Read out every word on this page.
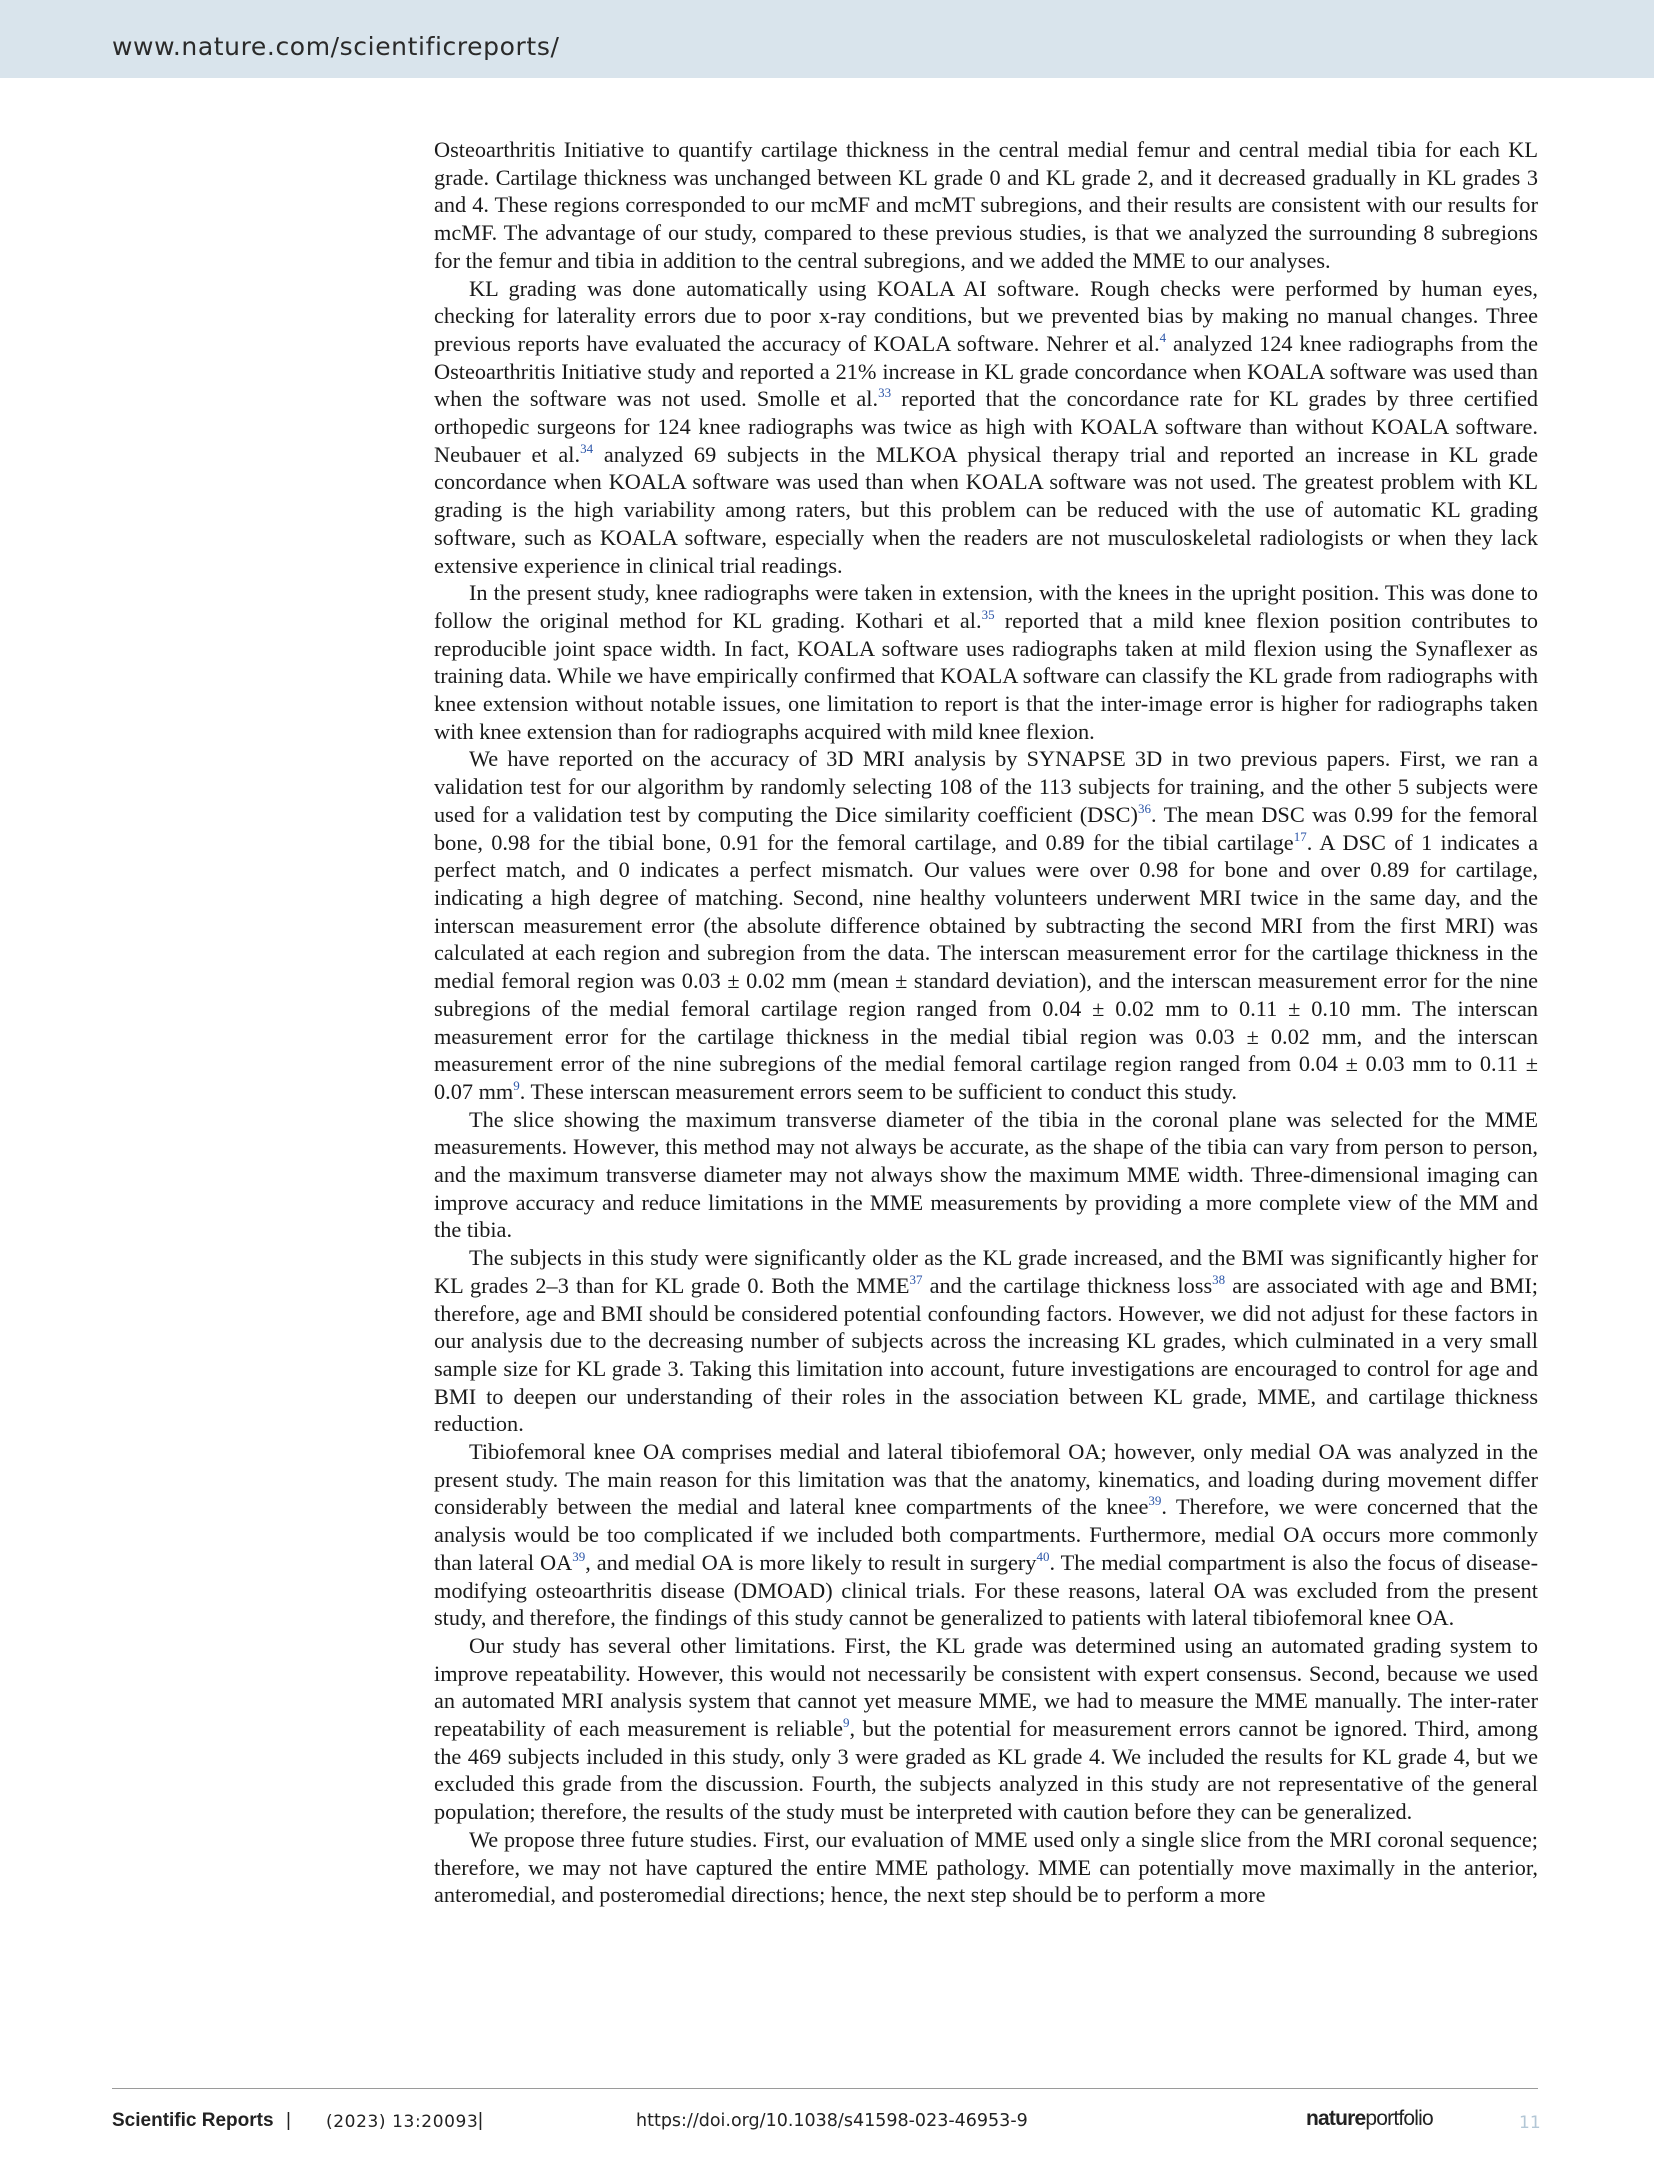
www.nature.com/scientificreports/

Osteoarthritis Initiative to quantify cartilage thickness in the central medial femur and central medial tibia for each KL grade. Cartilage thickness was unchanged between KL grade 0 and KL grade 2, and it decreased gradually in KL grades 3 and 4. These regions corresponded to our mcMF and mcMT subregions, and their results are consistent with our results for mcMF. The advantage of our study, compared to these previous studies, is that we analyzed the surrounding 8 subregions for the femur and tibia in addition to the central subregions, and we added the MME to our analyses.

KL grading was done automatically using KOALA AI software. Rough checks were performed by human eyes, checking for laterality errors due to poor x-ray conditions, but we prevented bias by making no manual changes. Three previous reports have evaluated the accuracy of KOALA software. Nehrer et al.$^4$ analyzed 124 knee radiographs from the Osteoarthritis Initiative study and reported a 21% increase in KL grade concordance when KOALA software was used than when the software was not used. Smolle et al.$^{33}$ reported that the concordance rate for KL grades by three certified orthopedic surgeons for 124 knee radiographs was twice as high with KOALA software than without KOALA software. Neubauer et al.$^{34}$ analyzed 69 subjects in the MLKOA physical therapy trial and reported an increase in KL grade concordance when KOALA software was used than when KOALA software was not used. The greatest problem with KL grading is the high variability among raters, but this problem can be reduced with the use of automatic KL grading software, such as KOALA software, especially when the readers are not musculoskeletal radiologists or when they lack extensive experience in clinical trial readings.

In the present study, knee radiographs were taken in extension, with the knees in the upright position. This was done to follow the original method for KL grading. Kothari et al.$^{35}$ reported that a mild knee flexion position contributes to reproducible joint space width. In fact, KOALA software uses radiographs taken at mild flexion using the Synaflexer as training data. While we have empirically confirmed that KOALA software can classify the KL grade from radiographs with knee extension without notable issues, one limitation to report is that the inter-image error is higher for radiographs taken with knee extension than for radiographs acquired with mild knee flexion.

We have reported on the accuracy of 3D MRI analysis by SYNAPSE 3D in two previous papers. First, we ran a validation test for our algorithm by randomly selecting 108 of the 113 subjects for training, and the other 5 subjects were used for a validation test by computing the Dice similarity coefficient (DSC)$^{36}$. The mean DSC was 0.99 for the femoral bone, 0.98 for the tibial bone, 0.91 for the femoral cartilage, and 0.89 for the tibial cartilage$^{17}$. A DSC of 1 indicates a perfect match, and 0 indicates a perfect mismatch. Our values were over 0.98 for bone and over 0.89 for cartilage, indicating a high degree of matching. Second, nine healthy volunteers underwent MRI twice in the same day, and the interscan measurement error (the absolute difference obtained by subtracting the second MRI from the first MRI) was calculated at each region and subregion from the data. The interscan measurement error for the cartilage thickness in the medial femoral region was 0.03 ± 0.02 mm (mean ± standard deviation), and the interscan measurement error for the nine subregions of the medial femoral cartilage region ranged from 0.04 ± 0.02 mm to 0.11 ± 0.10 mm. The interscan measurement error for the cartilage thickness in the medial tibial region was 0.03 ± 0.02 mm, and the interscan measurement error of the nine subregions of the medial femoral cartilage region ranged from 0.04 ± 0.03 mm to 0.11 ± 0.07 mm$^9$. These interscan measurement errors seem to be sufficient to conduct this study.

The slice showing the maximum transverse diameter of the tibia in the coronal plane was selected for the MME measurements. However, this method may not always be accurate, as the shape of the tibia can vary from person to person, and the maximum transverse diameter may not always show the maximum MME width. Three-dimensional imaging can improve accuracy and reduce limitations in the MME measurements by providing a more complete view of the MM and the tibia.

The subjects in this study were significantly older as the KL grade increased, and the BMI was significantly higher for KL grades 2–3 than for KL grade 0. Both the MME$^{37}$ and the cartilage thickness loss$^{38}$ are associated with age and BMI; therefore, age and BMI should be considered potential confounding factors. However, we did not adjust for these factors in our analysis due to the decreasing number of subjects across the increasing KL grades, which culminated in a very small sample size for KL grade 3. Taking this limitation into account, future investigations are encouraged to control for age and BMI to deepen our understanding of their roles in the association between KL grade, MME, and cartilage thickness reduction.

Tibiofemoral knee OA comprises medial and lateral tibiofemoral OA; however, only medial OA was analyzed in the present study. The main reason for this limitation was that the anatomy, kinematics, and loading during movement differ considerably between the medial and lateral knee compartments of the knee$^{39}$. Therefore, we were concerned that the analysis would be too complicated if we included both compartments. Furthermore, medial OA occurs more commonly than lateral OA$^{39}$, and medial OA is more likely to result in surgery$^{40}$. The medial compartment is also the focus of disease-modifying osteoarthritis disease (DMOAD) clinical trials. For these reasons, lateral OA was excluded from the present study, and therefore, the findings of this study cannot be generalized to patients with lateral tibiofemoral knee OA.

Our study has several other limitations. First, the KL grade was determined using an automated grading system to improve repeatability. However, this would not necessarily be consistent with expert consensus. Second, because we used an automated MRI analysis system that cannot yet measure MME, we had to measure the MME manually. The inter-rater repeatability of each measurement is reliable$^9$, but the potential for measurement errors cannot be ignored. Third, among the 469 subjects included in this study, only 3 were graded as KL grade 4. We included the results for KL grade 4, but we excluded this grade from the discussion. Fourth, the subjects analyzed in this study are not representative of the general population; therefore, the results of the study must be interpreted with caution before they can be generalized.

We propose three future studies. First, our evaluation of MME used only a single slice from the MRI coronal sequence; therefore, we may not have captured the entire MME pathology. MME can potentially move maximally in the anterior, anteromedial, and posteromedial directions; hence, the next step should be to perform a more

Scientific Reports | (2023) 13:20093 |	https://doi.org/10.1038/s41598-023-46953-9	natureportfolio	11
